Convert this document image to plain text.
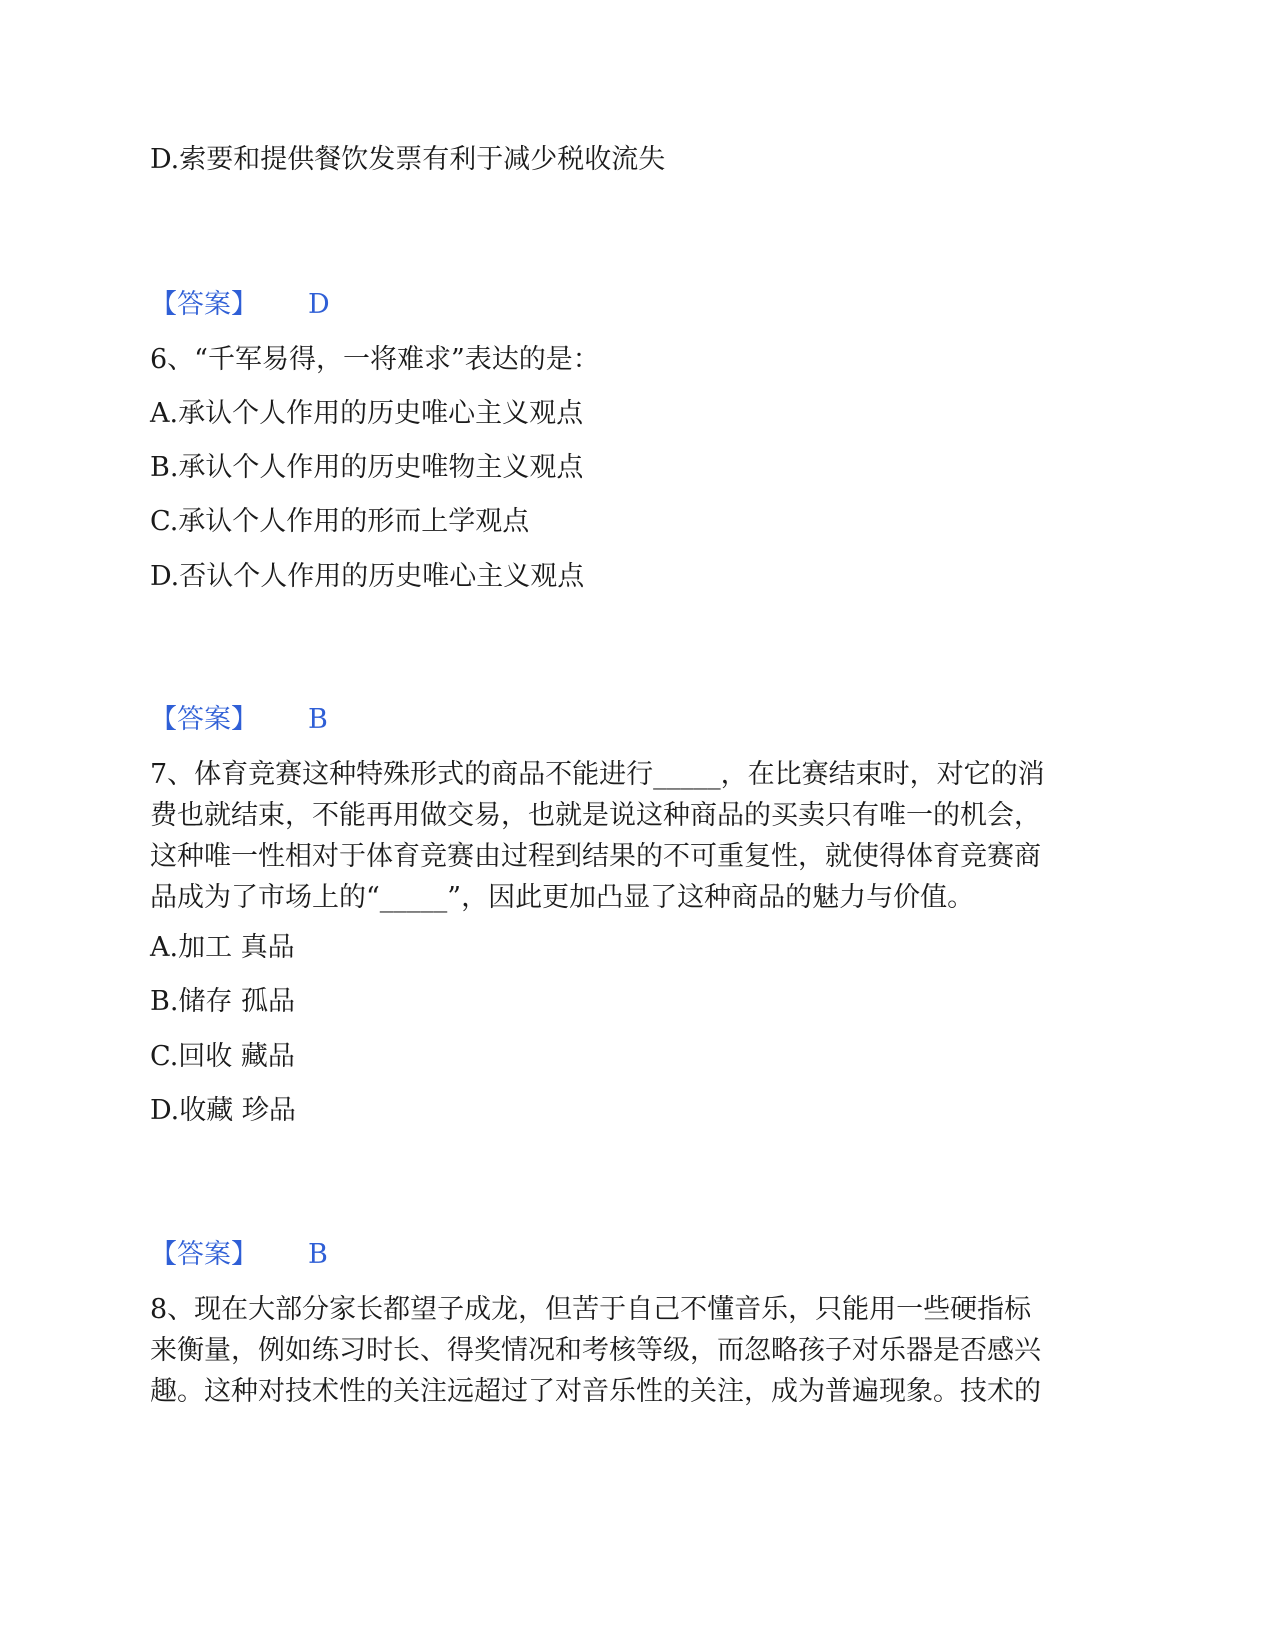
D.索要和提供餐饮发票有利于减少税收流失
【答案】 D
6、“千军易得，一将难求”表达的是：
A.承认个人作用的历史唯心主义观点
B.承认个人作用的历史唯物主义观点
C.承认个人作用的形而上学观点
D.否认个人作用的历史唯心主义观点
【答案】 B
7、体育竞赛这种特殊形式的商品不能进行_____，在比赛结束时，对它的消
费也就结束，不能再用做交易，也就是说这种商品的买卖只有唯一的机会，
这种唯一性相对于体育竞赛由过程到结果的不可重复性，就使得体育竞赛商
品成为了市场上的“_____”，因此更加凸显了这种商品的魅力与价值。
A.加工 真品
B.储存 孤品
C.回收 藏品
D.收藏 珍品
【答案】 B
8、现在大部分家长都望子成龙，但苦于自己不懂音乐，只能用一些硬指标
来衡量，例如练习时长、得奖情况和考核等级，而忽略孩子对乐器是否感兴
趣。这种对技术性的关注远超过了对音乐性的关注，成为普遍现象。技术的
